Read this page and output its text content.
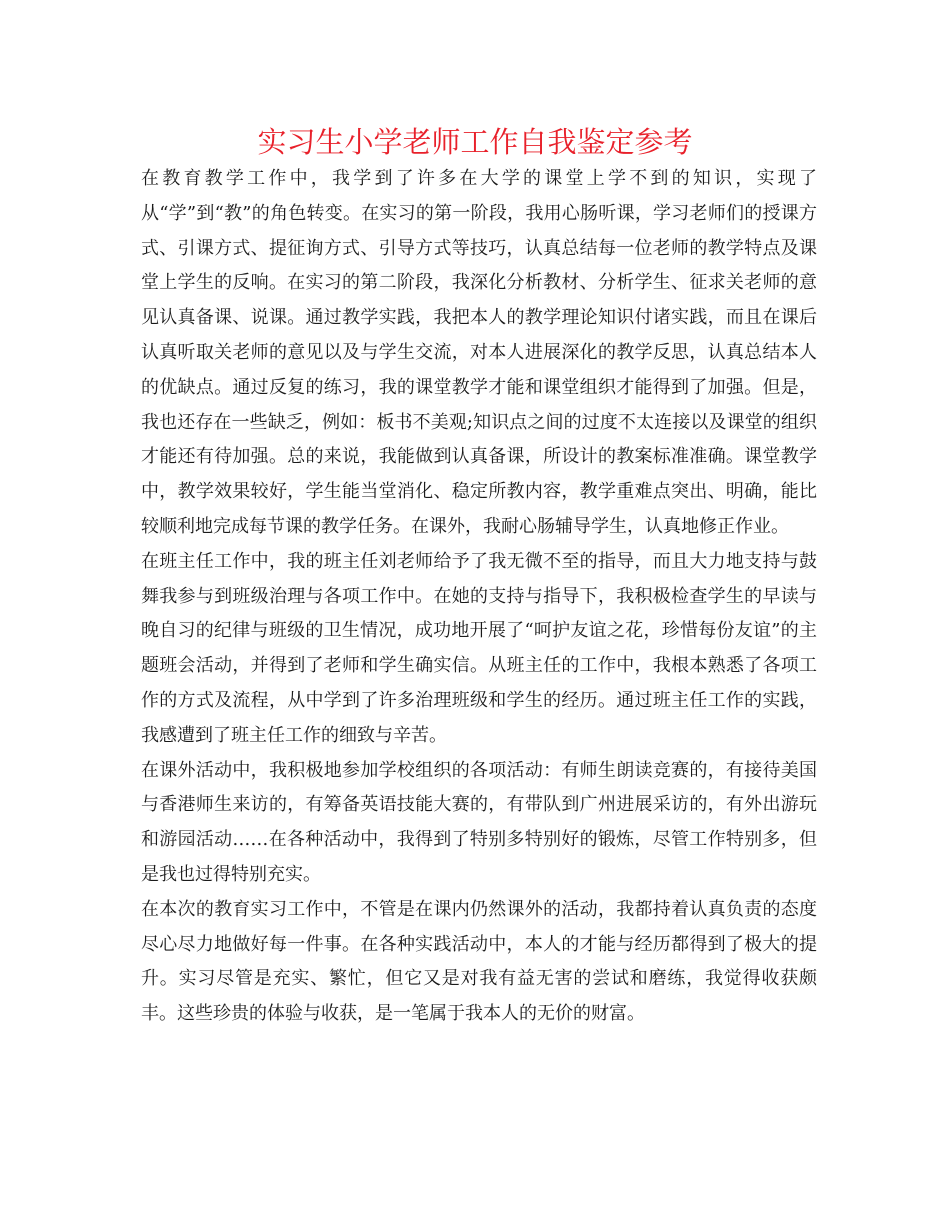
实习生小学老师工作自我鉴定参考

在教育教学工作中，我学到了许多在大学的课堂上学不到的知识，实现了从“学”到“教”的角色转变。在实习的第一阶段，我用心肠听课，学习老师们的授课方式、引课方式、提征询方式、引导方式等技巧，认真总结每一位老师的教学特点及课堂上学生的反响。在实习的第二阶段，我深化分析教材、分析学生、征求关老师的意见认真备课、说课。通过教学实践，我把本人的教学理论知识付诸实践，而且在课后认真听取关老师的意见以及与学生交流，对本人进展深化的教学反思，认真总结本人的优缺点。通过反复的练习，我的课堂教学才能和课堂组织才能得到了加强。但是，我也还存在一些缺乏，例如：板书不美观;知识点之间的过度不太连接以及课堂的组织才能还有待加强。总的来说，我能做到认真备课，所设计的教案标准准确。课堂教学中，教学效果较好，学生能当堂消化、稳定所教内容，教学重难点突出、明确，能比较顺利地完成每节课的教学任务。在课外，我耐心肠辅导学生，认真地修正作业。

在班主任工作中，我的班主任刘老师给予了我无微不至的指导，而且大力地支持与鼓舞我参与到班级治理与各项工作中。在她的支持与指导下，我积极检查学生的早读与晚自习的纪律与班级的卫生情况，成功地开展了“呵护友谊之花，珍惜每份友谊”的主题班会活动，并得到了老师和学生确实信。从班主任的工作中，我根本熟悉了各项工作的方式及流程，从中学到了许多治理班级和学生的经历。通过班主任工作的实践，我感遭到了班主任工作的细致与辛苦。

在课外活动中，我积极地参加学校组织的各项活动：有师生朗读竞赛的，有接待美国与香港师生来访的，有筹备英语技能大赛的，有带队到广州进展采访的，有外出游玩和游园活动……在各种活动中，我得到了特别多特别好的锻炼，尽管工作特别多，但是我也过得特别充实。

在本次的教育实习工作中，不管是在课内仍然课外的活动，我都持着认真负责的态度尽心尽力地做好每一件事。在各种实践活动中，本人的才能与经历都得到了极大的提升。实习尽管是充实、繁忙，但它又是对我有益无害的尝试和磨练，我觉得收获颇丰。这些珍贵的体验与收获，是一笔属于我本人的无价的财富。
